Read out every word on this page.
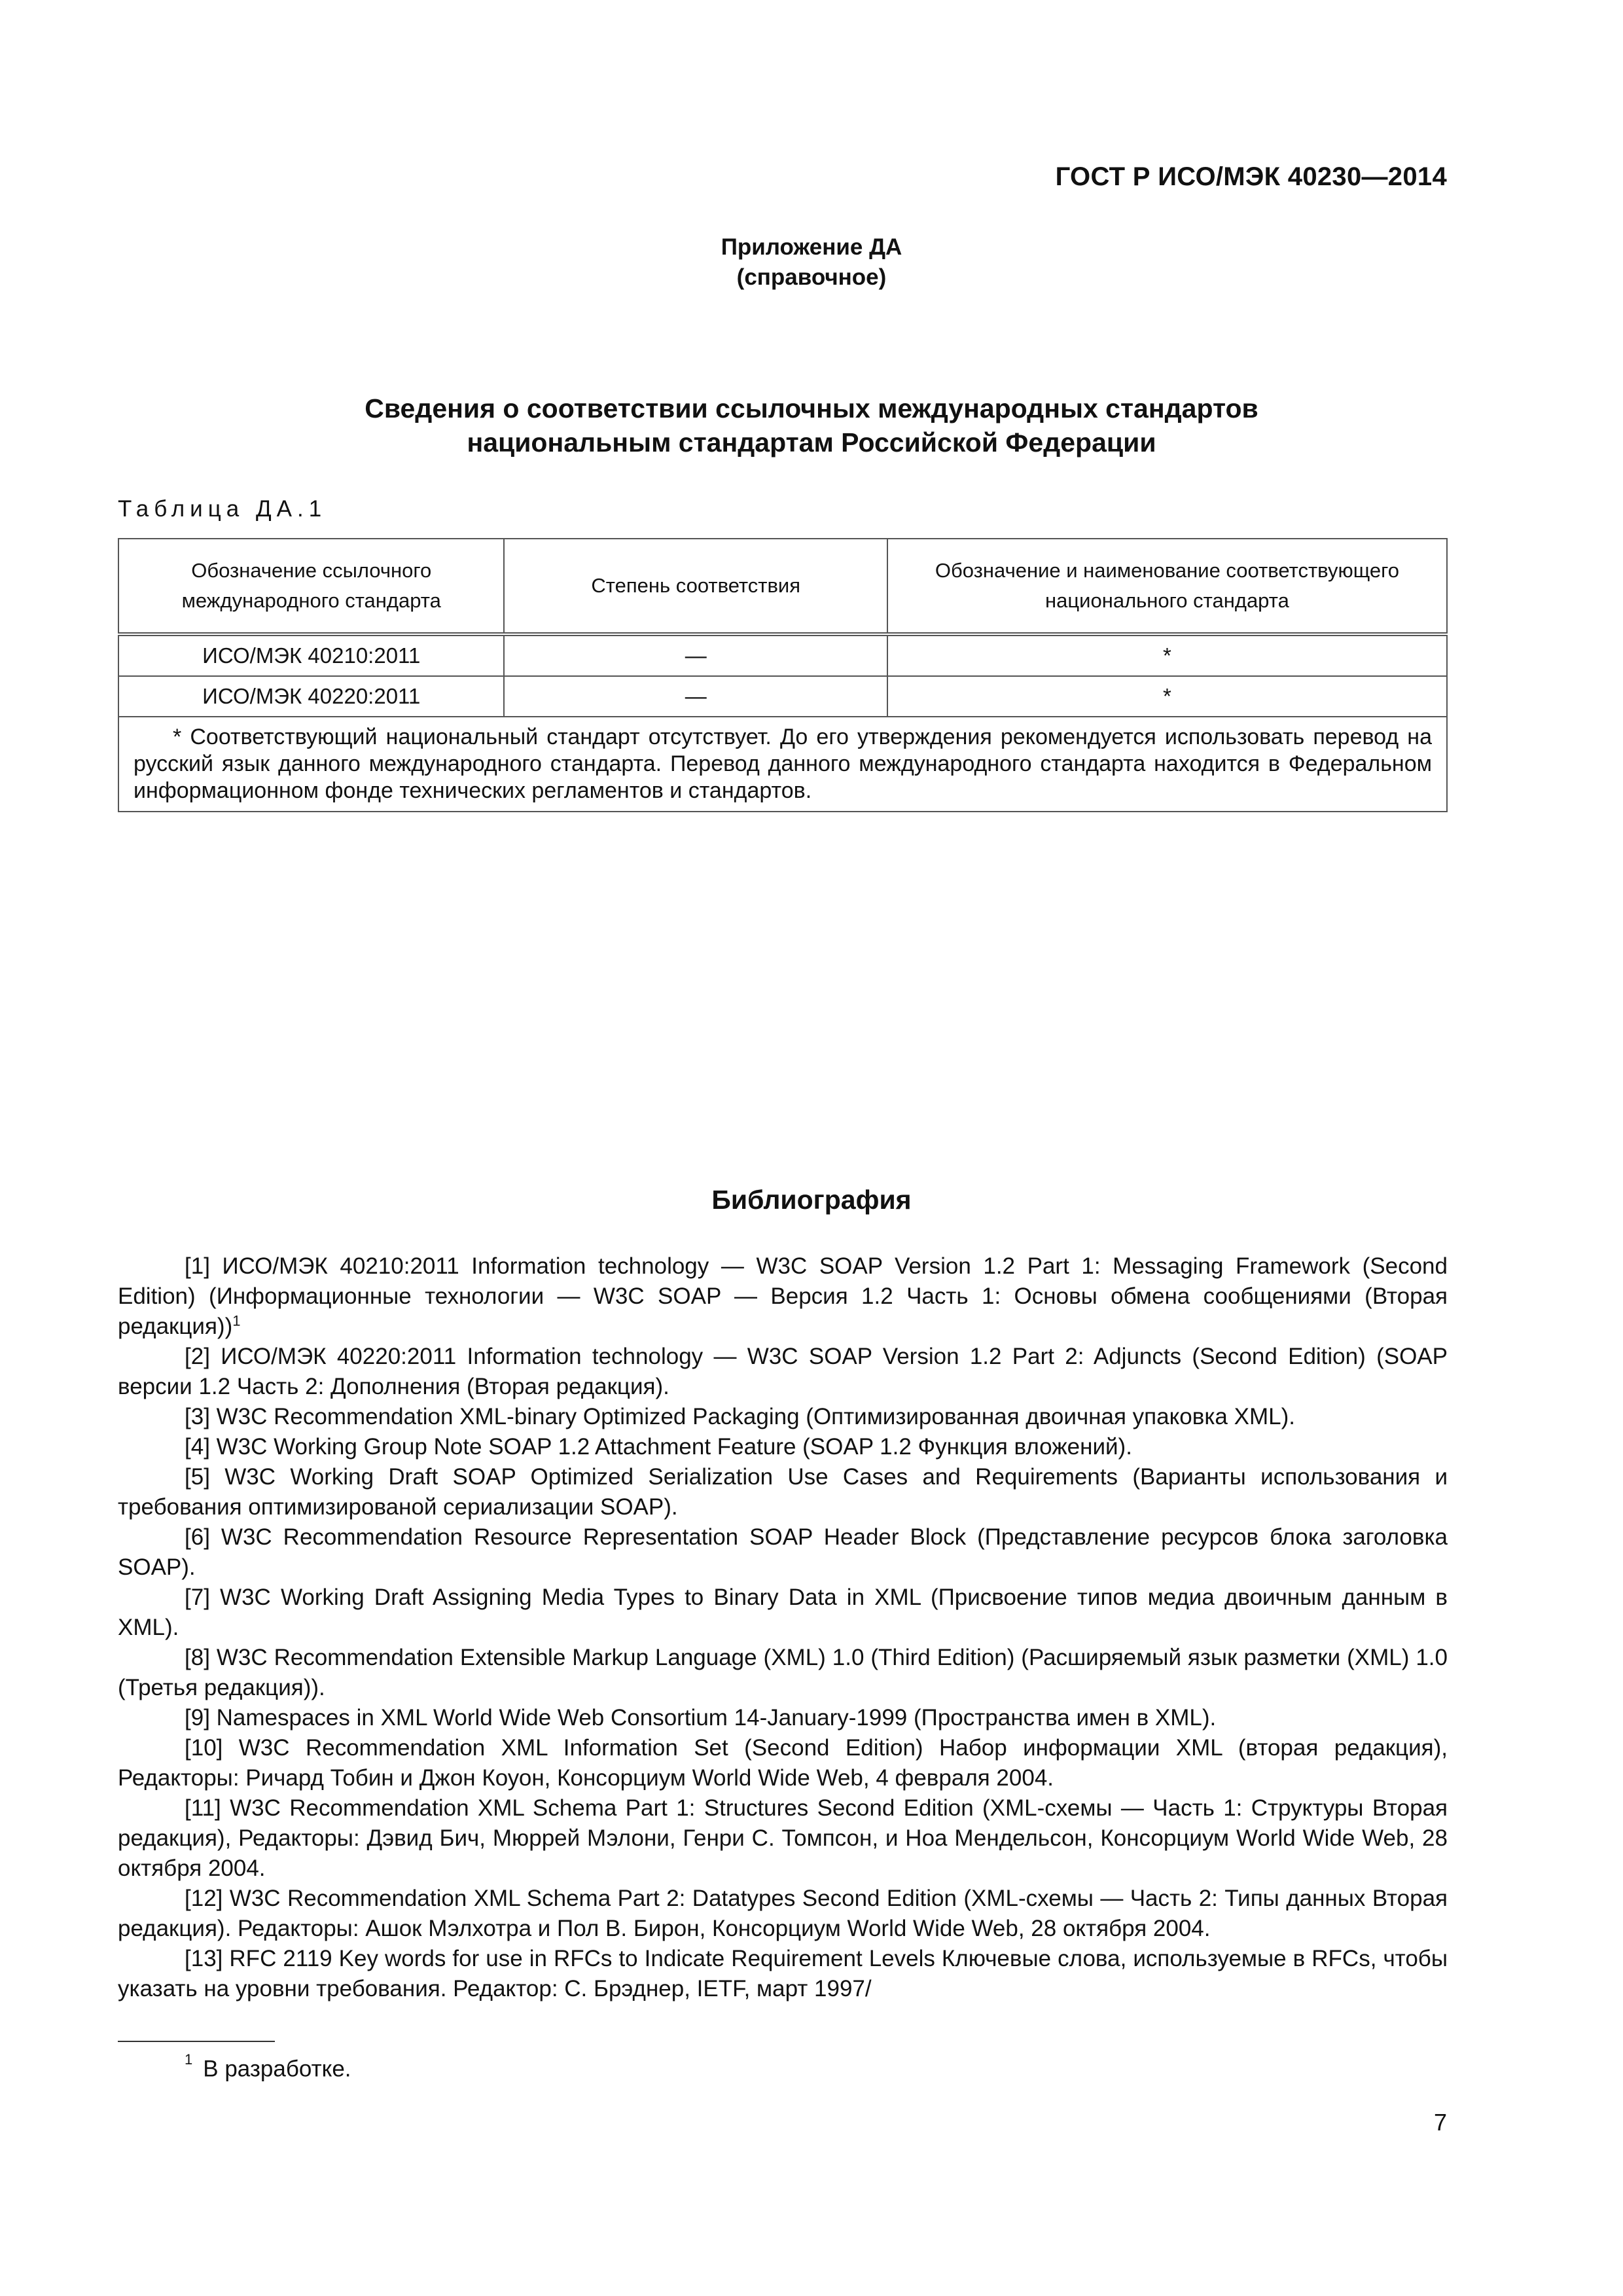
ГОСТ Р ИСО/МЭК 40230—2014
Приложение ДА
(справочное)
Сведения о соответствии ссылочных международных стандартов
национальным стандартам Российской Федерации
Таблица ДА.1
Обозначение ссылочного международного стандарта	Степень соответствия	Обозначение и наименование соответствующего национального стандарта
ИСО/МЭК 40210:2011	—	*
ИСО/МЭК 40220:2011	—	*

* Соответствующий национальный стандарт отсутствует. До его утверждения рекомендуется использовать перевод на русский язык данного международного стандарта. Перевод данного международного стандарта находится в Федеральном информационном фонде технических регламентов и стандартов.		
Библиография

[1] ИСО/МЭК 40210:2011 Information technology — W3C SOAP Version 1.2 Part 1: Messaging Framework (Second Edition) (Информационные технологии — W3C SOAP — Версия 1.2 Часть 1: Основы обмена сообщениями (Вторая редакция))$^1$

[2] ИСО/МЭК 40220:2011 Information technology — W3C SOAP Version 1.2 Part 2: Adjuncts (Second Edition) (SOAP версии 1.2 Часть 2: Дополнения (Вторая редакция).

[3] W3C Recommendation XML-binary Optimized Packaging (Оптимизированная двоичная упаковка XML).

[4] W3C Working Group Note SOAP 1.2 Attachment Feature (SOAP 1.2 Функция вложений).

[5] W3C Working Draft SOAP Optimized Serialization Use Cases and Requirements (Варианты использования и требования оптимизированой сериализации SOAP).

[6] W3C Recommendation Resource Representation SOAP Header Block (Представление ресурсов блока заголовка SOAP).

[7] W3C Working Draft Assigning Media Types to Binary Data in XML (Присвоение типов медиа двоичным данным в XML).

[8] W3C Recommendation Extensible Markup Language (XML) 1.0 (Third Edition) (Расширяемый язык разметки (XML) 1.0 (Третья редакция)).

[9] Namespaces in XML World Wide Web Consortium 14-January-1999 (Пространства имен в XML).

[10] W3C Recommendation XML Information Set (Second Edition) Набор информации XML (вторая редакция), Редакторы: Ричард Тобин и Джон Коуон, Консорциум World Wide Web, 4 февраля 2004.

[11] W3C Recommendation XML Schema Part 1: Structures Second Edition (XML-схемы — Часть 1: Структуры Вторая редакция), Редакторы: Дэвид Бич, Мюррей Мэлони, Генри С. Томпсон, и Ноа Мендельсон, Консорциум World Wide Web, 28 октября 2004.

[12] W3C Recommendation XML Schema Part 2: Datatypes Second Edition (XML-схемы — Часть 2: Типы данных Вторая редакция). Редакторы: Ашок Мэлхотра и Пол В. Бирон, Консорциум World Wide Web, 28 октября 2004.

[13] RFC 2119 Key words for use in RFCs to Indicate Requirement Levels Ключевые слова, используемые в RFCs, чтобы указать на уровни требования. Редактор: С. Брэднер, IETF, март 1997/

$^1$ В разработке.
7
